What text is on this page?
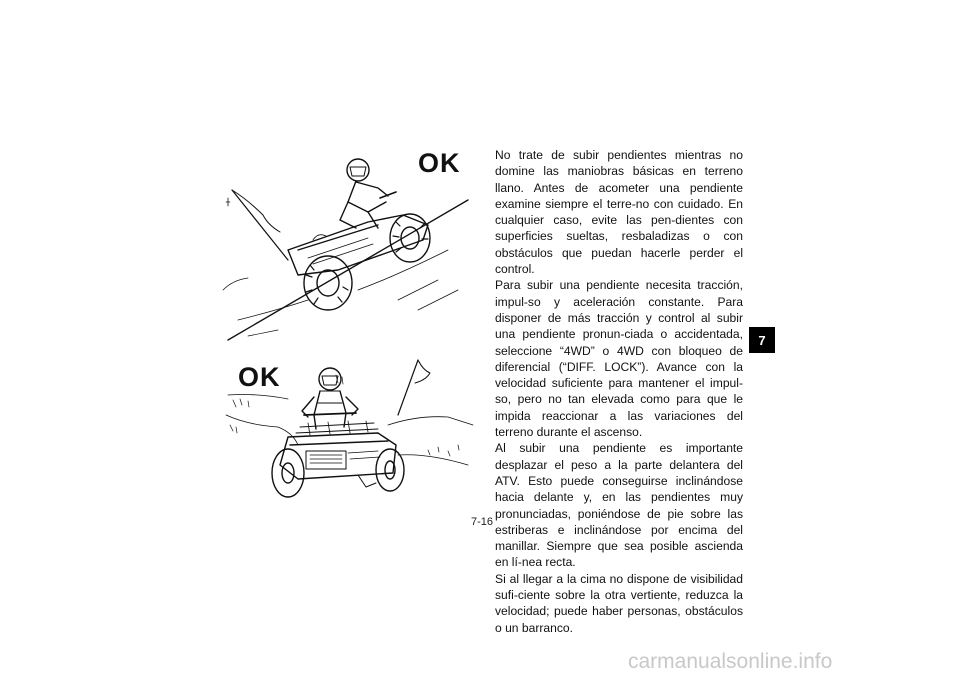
OK
OK

No trate de subir pendientes mientras no domine las maniobras básicas en terreno llano. Antes de acometer una pendiente examine siempre el terre-no con cuidado. En cualquier caso, evite las pen-dientes con superficies sueltas, resbaladizas o con obstáculos que puedan hacerle perder el control.

Para subir una pendiente necesita tracción, impul-so y aceleración constante. Para disponer de más tracción y control al subir una pendiente pronun-ciada o accidentada, seleccione “4WD” o 4WD con bloqueo de diferencial (“DIFF. LOCK”). Avance con la velocidad suficiente para mantener el impul-so, pero no tan elevada como para que le impida reaccionar a las variaciones del terreno durante el ascenso.

Al subir una pendiente es importante desplazar el peso a la parte delantera del ATV. Esto puede conseguirse inclinándose hacia delante y, en las pendientes muy pronunciadas, poniéndose de pie sobre las estriberas e inclinándose por encima del manillar. Siempre que sea posible ascienda en lí-nea recta.

Si al llegar a la cima no dispone de visibilidad sufi-ciente sobre la otra vertiente, reduzca la velocidad; puede haber personas, obstáculos o un barranco.

7
7-16
carmanualsonline.info
